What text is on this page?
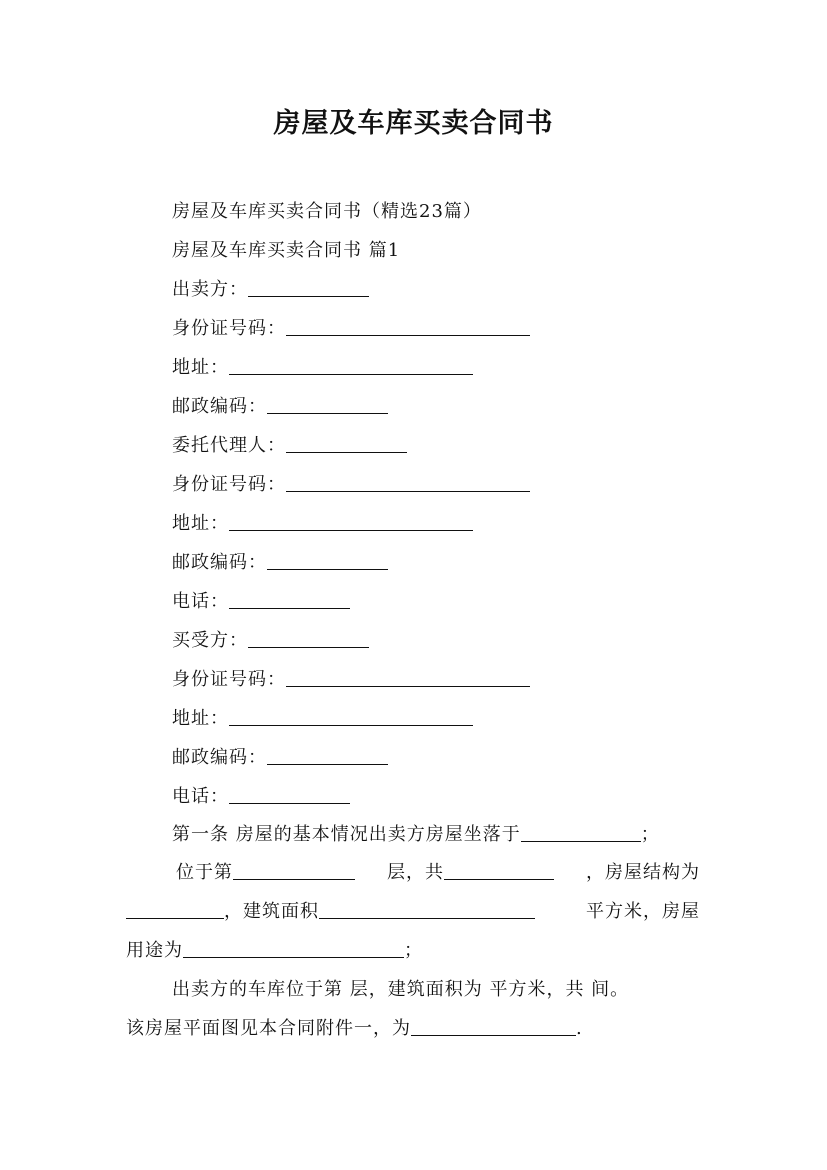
房屋及车库买卖合同书
房屋及车库买卖合同书（精选23篇）
房屋及车库买卖合同书 篇1
出卖方：
身份证号码：
地址：
邮政编码：
委托代理人：
身份证号码：
地址：
邮政编码：
电话：
买受方：
身份证号码：
地址：
邮政编码：
电话：
第一条 房屋的基本情况出卖方房屋坐落于	；
位于第	层，共	，房屋结构为
，建筑面积	平方米，房屋
用途为	；
出卖方的车库位于第 层，建筑面积为 平方米，共 间。
该房屋平面图见本合同附件一，为	.
